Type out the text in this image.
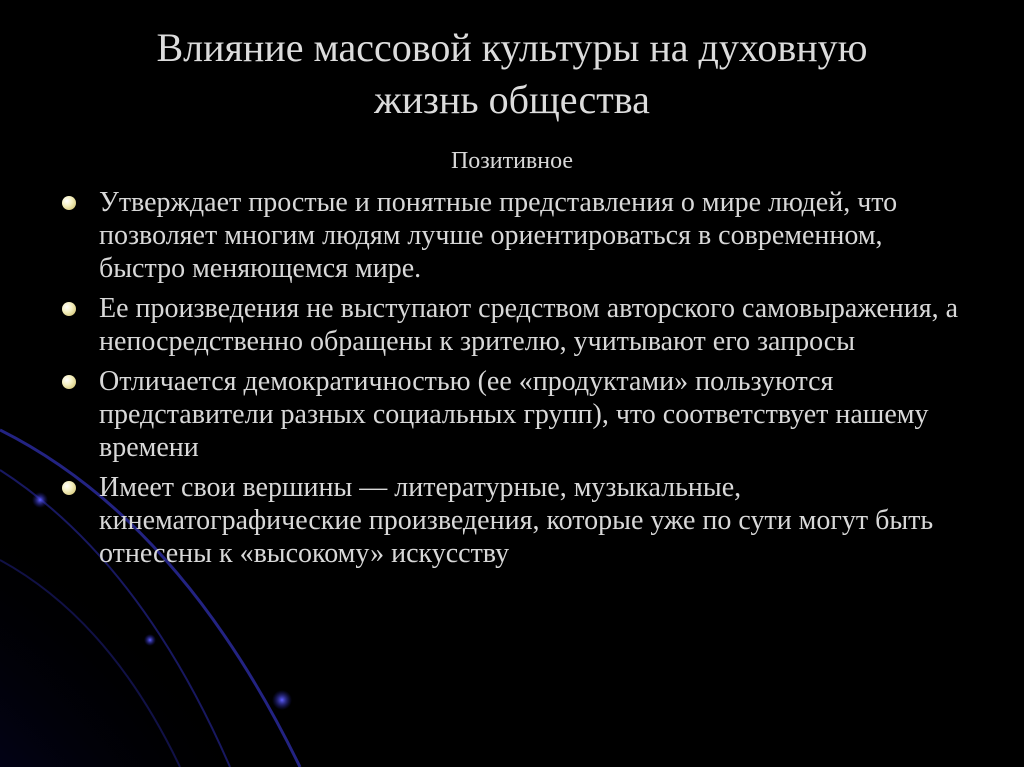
Влияние массовой культуры на духовную
жизнь общества
Позитивное
Утверждает простые и понятные представления о мире людей, что позволяет многим людям лучше ориентироваться в современном, быстро меняющемся мире.
Ее произведения не выступают средством авторского самовыражения, а непосредственно обращены к зрителю, учитывают его запросы
Отличается демократичностью (ее «продуктами» пользуются представители разных социальных групп), что соответствует нашему времени
Имеет свои вершины — литературные, музыкальные, кинематографические произведения, которые уже по сути могут быть отнесены к «высокому» искусству
